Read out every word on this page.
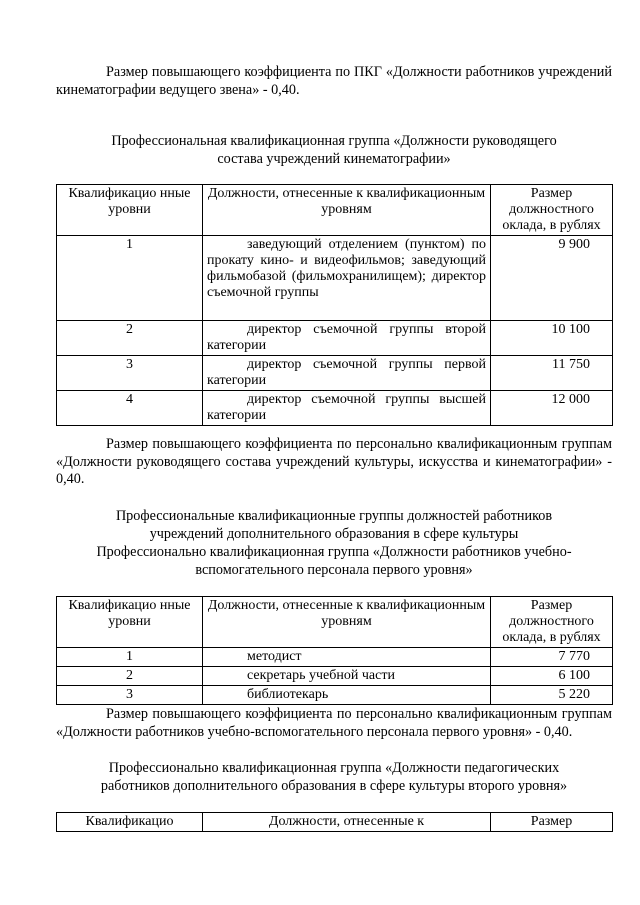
Размер повышающего коэффициента по ПКГ «Должности работников учреждений кинематографии ведущего звена» - 0,40.

Профессиональная квалификационная группа «Должности руководящего
состава учреждений кинематографии»
Квалификацио нные уровни	Должности, отнесенные к квалификационным уровням	Размер должностного оклада, в рублях
1	заведующий отделением (пунктом) по прокату кино- и видеофильмов; заведующий фильмобазой (фильмохранилищем); директор съемочной группы	9 900
2	директор съемочной группы второй категории	10 100
3	директор съемочной группы первой категории	11 750
4	директор съемочной группы высшей категории	12 000

Размер повышающего коэффициента по персонально квалификационным группам «Должности руководящего состава учреждений культуры, искусства и кинематографии» - 0,40.

Профессиональные квалификационные группы должностей работников
учреждений дополнительного образования в сфере культуры
Профессионально квалификационная группа «Должности работников учебно-
вспомогательного персонала первого уровня»
Квалификацио нные уровни	Должности, отнесенные к квалификационным уровням	Размер должностного оклада, в рублях
1	методист	7 770
2	секретарь учебной части	6 100
3	библиотекарь	5 220

Размер повышающего коэффициента по персонально квалификационным группам «Должности работников учебно-вспомогательного персонала первого уровня» - 0,40.

Профессионально квалификационная группа «Должности педагогических
работников дополнительного образования в сфере культуры второго уровня»
Квалификацио	Должности, отнесенные к	Размер
